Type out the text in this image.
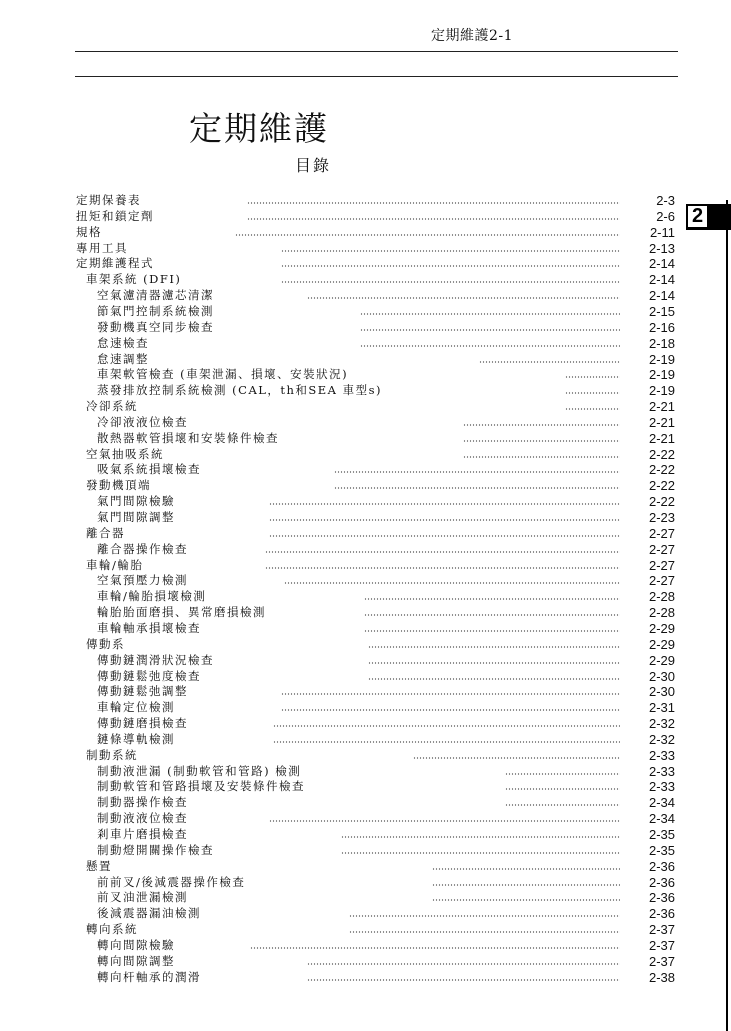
定期維護2-1
定期維護
目錄
2
定期保養表	2-3
扭矩和鎖定劑	2-6
規格	2-11
專用工具	2-13
定期維護程式	2-14
車架系統 (DFI)	2-14
空氣濾清器濾芯清潔	2-14
節氣門控制系統檢測	2-15
發動機真空同步檢查	2-16
怠速檢查	2-18
怠速調整	2-19
車架軟管檢查 (車架泄漏、損壞、安裝狀況)	2-19
蒸發排放控制系統檢測 (CAL，th和SEA 車型s)	2-19
冷卻系統	2-21
冷卻液液位檢查	2-21
散熱器軟管損壞和安裝條件檢查	2-21
空氣抽吸系統	2-22
吸氣系統損壞檢查	2-22
發動機頂端	2-22
氣門間隙檢驗	2-22
氣門間隙調整	2-23
離合器	2-27
離合器操作檢查	2-27
車輪/輪胎	2-27
空氣預壓力檢測	2-27
車輪/輪胎損壞檢測	2-28
輪胎胎面磨損、異常磨損檢測	2-28
車輪軸承損壞檢查	2-29
傳動系	2-29
傳動鏈潤滑狀況檢查	2-29
傳動鏈鬆弛度檢查	2-30
傳動鏈鬆弛調整	2-30
車輪定位檢測	2-31
傳動鏈磨損檢查	2-32
鏈條導軌檢測	2-32
制動系統	2-33
制動液泄漏 (制動軟管和管路) 檢測	2-33
制動軟管和管路損壞及安裝條件檢查	2-33
制動器操作檢查	2-34
制動液液位檢查	2-34
剎車片磨損檢查	2-35
制動燈開關操作檢查	2-35
懸置	2-36
前前叉/後減震器操作檢查	2-36
前叉油泄漏檢測	2-36
後減震器漏油檢測	2-36
轉向系統	2-37
轉向間隙檢驗	2-37
轉向間隙調整	2-37
轉向杆軸承的潤滑	2-38
